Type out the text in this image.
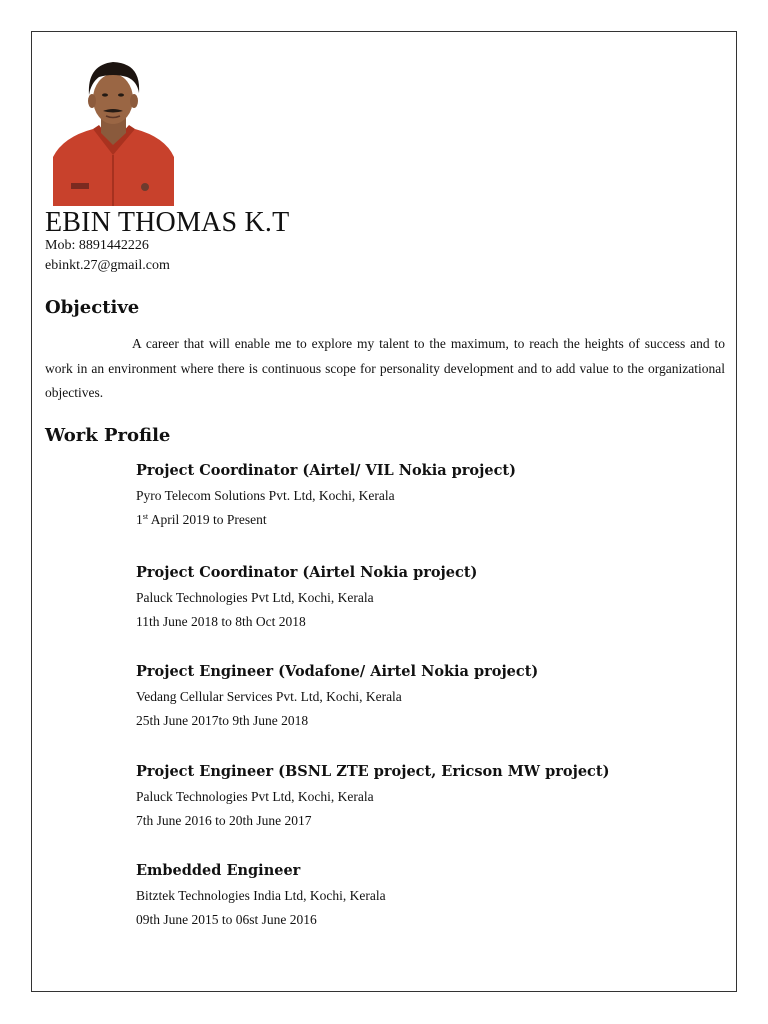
EBIN THOMAS K.T
Mob: 8891442226
ebinkt.27@gmail.com
Objective
A career that will enable me to explore my talent to the maximum, to reach the heights of success and to work in an environment where there is continuous scope for personality development and to add value to the organizational objectives.
Work Profile
Project Coordinator (Airtel/ VIL Nokia project)
Pyro Telecom Solutions Pvt. Ltd, Kochi, Kerala
1st April 2019 to Present
Project Coordinator (Airtel Nokia project)
Paluck Technologies Pvt Ltd, Kochi, Kerala
11th June 2018 to 8th Oct 2018
Project Engineer (Vodafone/ Airtel Nokia project)
Vedang Cellular Services Pvt. Ltd, Kochi, Kerala
25th June 2017to 9th June 2018
Project Engineer (BSNL ZTE project, Ericson MW project)
Paluck Technologies Pvt Ltd, Kochi, Kerala
7th June 2016 to 20th June 2017
Embedded Engineer
Bitztek Technologies India Ltd, Kochi, Kerala
09th June 2015 to 06st June 2016
